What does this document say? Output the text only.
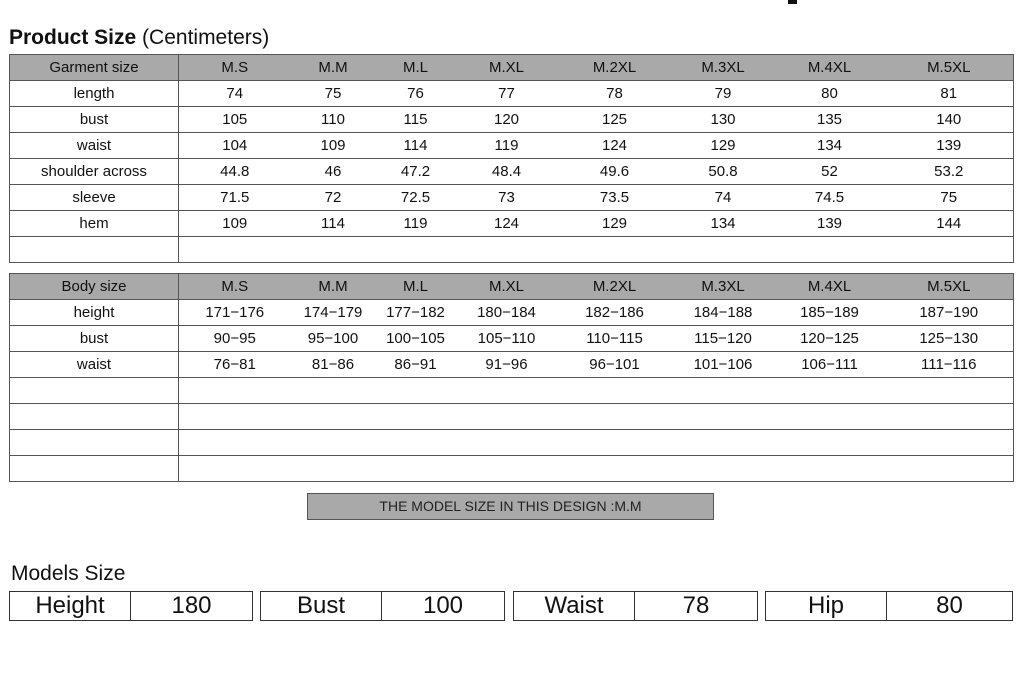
Product Size (Centimeters)
Garment size	M.S	M.M	M.L	M.XL	M.2XL	M.3XL	M.4XL	M.5XL
length	74	75	76	77	78	79	80	81
bust	105	110	115	120	125	130	135	140
waist	104	109	114	119	124	129	134	139
shoulder across	44.8	46	47.2	48.4	49.6	50.8	52	53.2
sleeve	71.5	72	72.5	73	73.5	74	74.5	75
hem	109	114	119	124	129	134	139	144

Body size	M.S	M.M	M.L	M.XL	M.2XL	M.3XL	M.4XL	M.5XL
height	171−176	174−179	177−182	180−184	182−186	184−188	185−189	187−190
bust	90−95	95−100	100−105	105−110	110−115	115−120	120−125	125−130
waist	76−81	81−86	86−91	91−96	96−101	101−106	106−111	111−116

THE MODEL SIZE IN THIS DESIGN :M.M
Models Size
Height	180	Bust	100	Waist	78	Hip	80
